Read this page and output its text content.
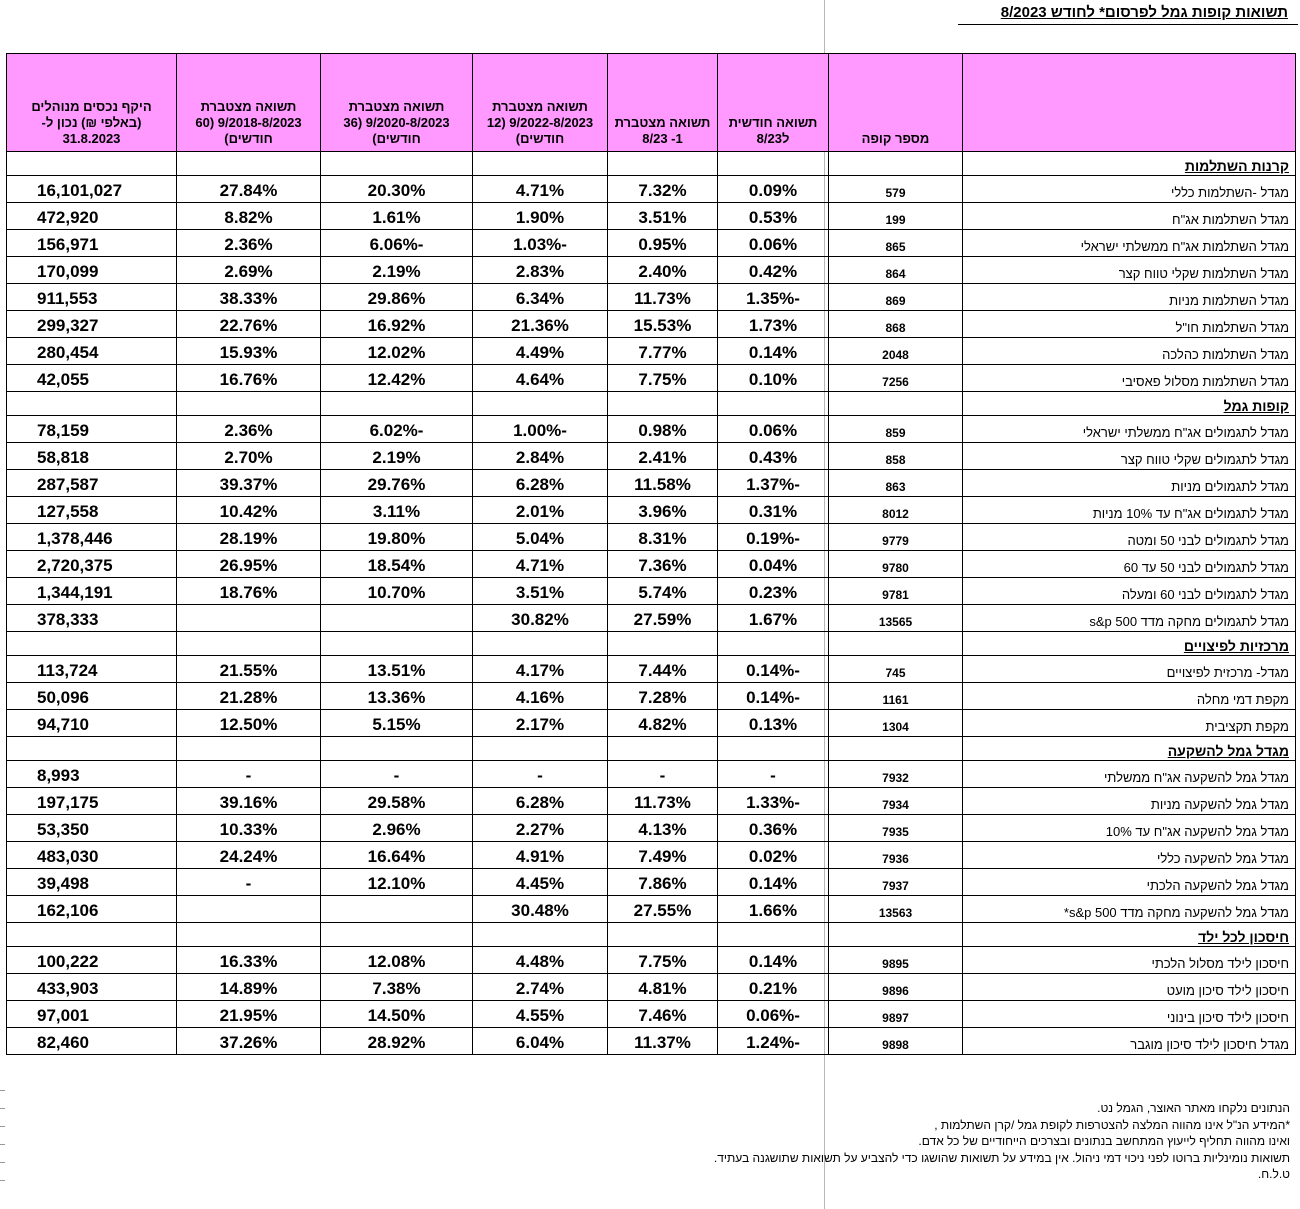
תשואות קופות גמל לפרסום* לחודש 8/2023
	מספר קופה	תשואה חודשית ל8/23	תשואה מצטברת 1- 8/23	תשואה מצטברת 9/2022-8/2023 (12 חודשים)	תשואה מצטברת 9/2020-8/2023 (36 חודשים)	תשואה מצטברת 9/2018-8/2023 (60 חודשים)	היקף נכסים מנוהלים (באלפי ₪) נכון ל- 31.8.2023
קרנות השתלמות							
מגדל -השתלמות כללי	579	0.09%	7.32%	4.71%	20.30%	27.84%	16,101,027
מגדל השתלמות אג"ח	199	0.53%	3.51%	1.90%	1.61%	8.82%	472,920
מגדל השתלמות אג"ח ממשלתי ישראלי	865	0.06%	0.95%	-1.03%	-6.06%	2.36%	156,971
מגדל השתלמות שקלי טווח קצר	864	0.42%	2.40%	2.83%	2.19%	2.69%	170,099
מגדל השתלמות מניות	869	-1.35%	11.73%	6.34%	29.86%	38.33%	911,553
מגדל השתלמות חו"ל	868	1.73%	15.53%	21.36%	16.92%	22.76%	299,327
מגדל השתלמות כהלכה	2048	0.14%	7.77%	4.49%	12.02%	15.93%	280,454
מגדל השתלמות מסלול פאסיבי	7256	0.10%	7.75%	4.64%	12.42%	16.76%	42,055
קופות גמל							
מגדל לתגמולים אג"ח ממשלתי ישראלי	859	0.06%	0.98%	-1.00%	-6.02%	2.36%	78,159
מגדל לתגמולים שקלי טווח קצר	858	0.43%	2.41%	2.84%	2.19%	2.70%	58,818
מגדל לתגמולים מניות	863	-1.37%	11.58%	6.28%	29.76%	39.37%	287,587
מגדל לתגמולים אג"ח עד 10% מניות	8012	0.31%	3.96%	2.01%	3.11%	10.42%	127,558
מגדל לתגמולים לבני 50 ומטה	9779	-0.19%	8.31%	5.04%	19.80%	28.19%	1,378,446
מגדל לתגמולים לבני 50 עד 60	9780	0.04%	7.36%	4.71%	18.54%	26.95%	2,720,375
מגדל לתגמולים לבני 60 ומעלה	9781	0.23%	5.74%	3.51%	10.70%	18.76%	1,344,191
מגדל לתגמולים מחקה מדד s&p 500	13565	1.67%	27.59%	30.82%			378,333
מרכזיות לפיצויים							
מגדל- מרכזית לפיצויים	745	-0.14%	7.44%	4.17%	13.51%	21.55%	113,724
מקפת דמי מחלה	1161	-0.14%	7.28%	4.16%	13.36%	21.28%	50,096
מקפת תקציבית	1304	0.13%	4.82%	2.17%	5.15%	12.50%	94,710
מגדל גמל להשקעה							
מגדל גמל להשקעה אג"ח ממשלתי	7932	-	-	-	-	-	8,993
מגדל גמל להשקעה מניות	7934	-1.33%	11.73%	6.28%	29.58%	39.16%	197,175
מגדל גמל להשקעה אג"ח עד 10%	7935	0.36%	4.13%	2.27%	2.96%	10.33%	53,350
מגדל גמל להשקעה כללי	7936	0.02%	7.49%	4.91%	16.64%	24.24%	483,030
מגדל גמל להשקעה הלכתי	7937	0.14%	7.86%	4.45%	12.10%	-	39,498
מגדל גמל להשקעה מחקה מדד s&p 500*	13563	1.66%	27.55%	30.48%			162,106
חיסכון לכל ילד							
חיסכון לילד מסלול הלכתי	9895	0.14%	7.75%	4.48%	12.08%	16.33%	100,222
חיסכון לילד סיכון מועט	9896	0.21%	4.81%	2.74%	7.38%	14.89%	433,903
חיסכון לילד סיכון בינוני	9897	-0.06%	7.46%	4.55%	14.50%	21.95%	97,001
מגדל חיסכון לילד סיכון מוגבר	9898	-1.24%	11.37%	6.04%	28.92%	37.26%	82,460
הנתונים נלקחו מאתר האוצר, הגמל נט.
*המידע הנ"ל אינו מהווה המלצה להצטרפות לקופת גמל /קרן השתלמות ,
ואינו מהווה תחליף לייעוץ המתחשב בנתונים ובצרכים הייחודיים של כל אדם.
תשואות נומינליות ברוטו לפני ניכוי דמי ניהול. אין במידע על תשואות שהושגו כדי להצביע על תשואות שתושגנה בעתיד.
ט.ל.ח.
